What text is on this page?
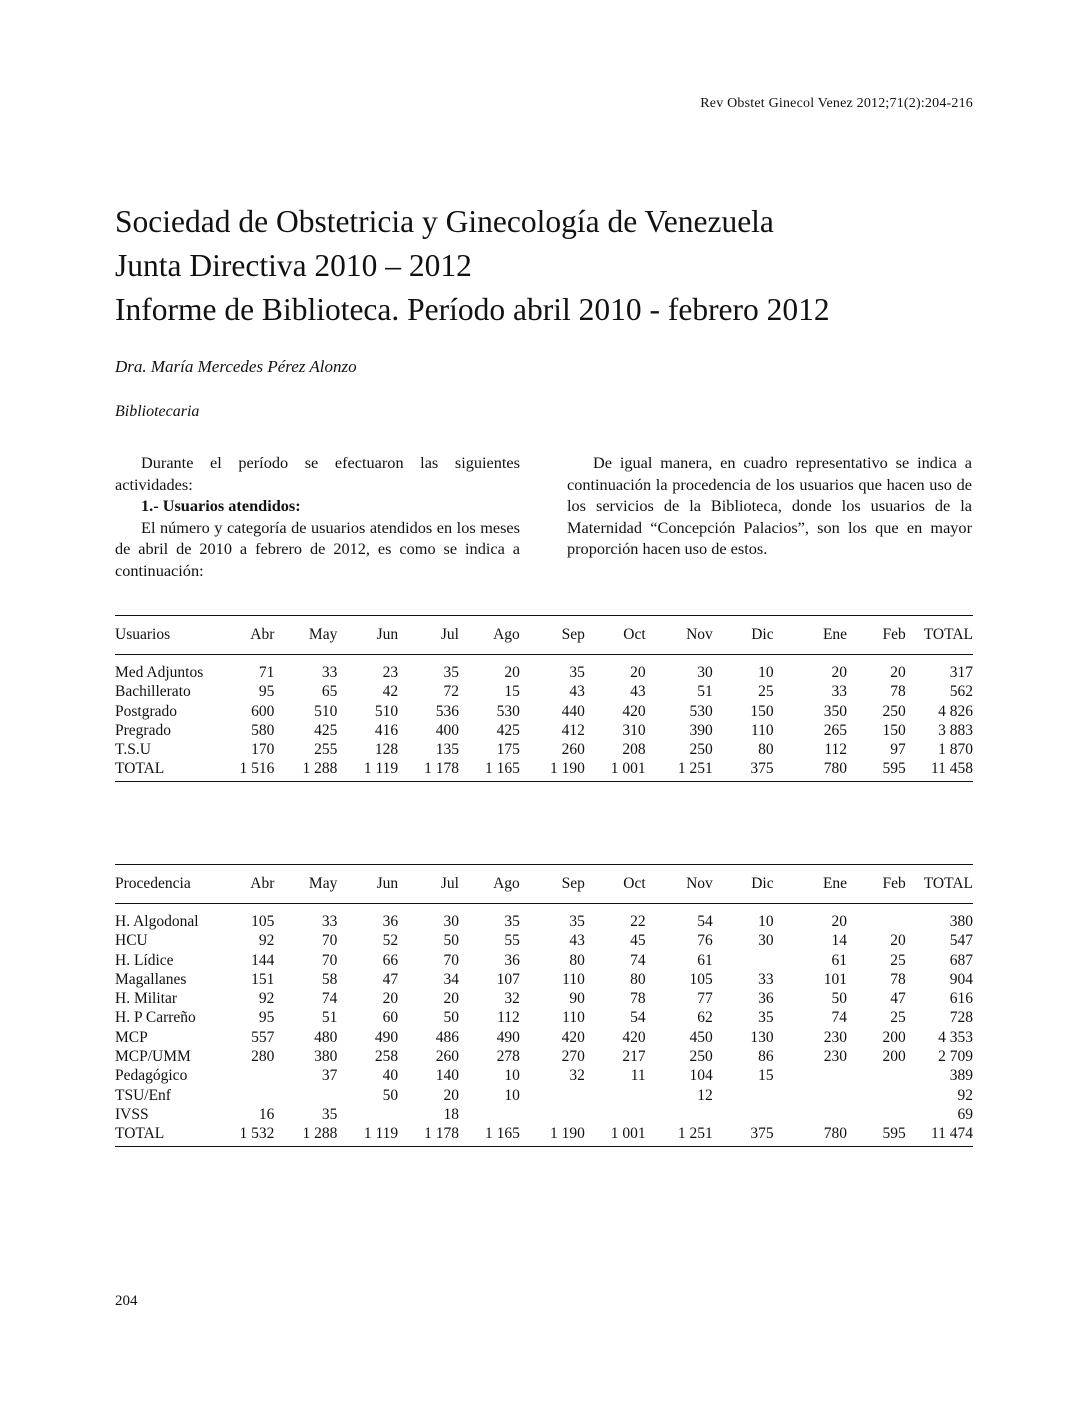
Rev Obstet Ginecol Venez 2012;71(2):204-216
Sociedad de Obstetricia y Ginecología de Venezuela
Junta Directiva 2010 – 2012
Informe de Biblioteca. Período abril 2010 - febrero 2012
Dra. María Mercedes Pérez Alonzo
Bibliotecaria

Durante el período se efectuaron las siguientes actividades:

1.- Usuarios atendidos:

El número y categoría de usuarios atendidos en los meses de abril de 2010 a febrero de 2012, es como se indica a continuación:

De igual manera, en cuadro representativo se indica a continuación la procedencia de los usuarios que hacen uso de los servicios de la Biblioteca, donde los usuarios de la Maternidad “Concepción Palacios”, son los que en mayor proporción hacen uso de estos.

Usuarios	Abr	May	Jun	Jul	Ago	Sep	Oct	Nov	Dic	Ene	Feb	TOTAL
Med Adjuntos	71	33	23	35	20	35	20	30	10	20	20	317
Bachillerato	95	65	42	72	15	43	43	51	25	33	78	562
Postgrado	600	510	510	536	530	440	420	530	150	350	250	4 826
Pregrado	580	425	416	400	425	412	310	390	110	265	150	3 883
T.S.U	170	255	128	135	175	260	208	250	80	112	97	1 870
TOTAL	1 516	1 288	1 119	1 178	1 165	1 190	1 001	1 251	375	780	595	11 458
Procedencia	Abr	May	Jun	Jul	Ago	Sep	Oct	Nov	Dic	Ene	Feb	TOTAL
H. Algodonal	105	33	36	30	35	35	22	54	10	20		380
HCU	92	70	52	50	55	43	45	76	30	14	20	547
H. Lídice	144	70	66	70	36	80	74	61		61	25	687
Magallanes	151	58	47	34	107	110	80	105	33	101	78	904
H. Militar	92	74	20	20	32	90	78	77	36	50	47	616
H. P Carreño	95	51	60	50	112	110	54	62	35	74	25	728
MCP	557	480	490	486	490	420	420	450	130	230	200	4 353
MCP/UMM	280	380	258	260	278	270	217	250	86	230	200	2 709
Pedagógico		37	40	140	10	32	11	104	15			389
TSU/Enf			50	20	10			12				92
IVSS	16	35		18								69
TOTAL	1 532	1 288	1 119	1 178	1 165	1 190	1 001	1 251	375	780	595	11 474
204
